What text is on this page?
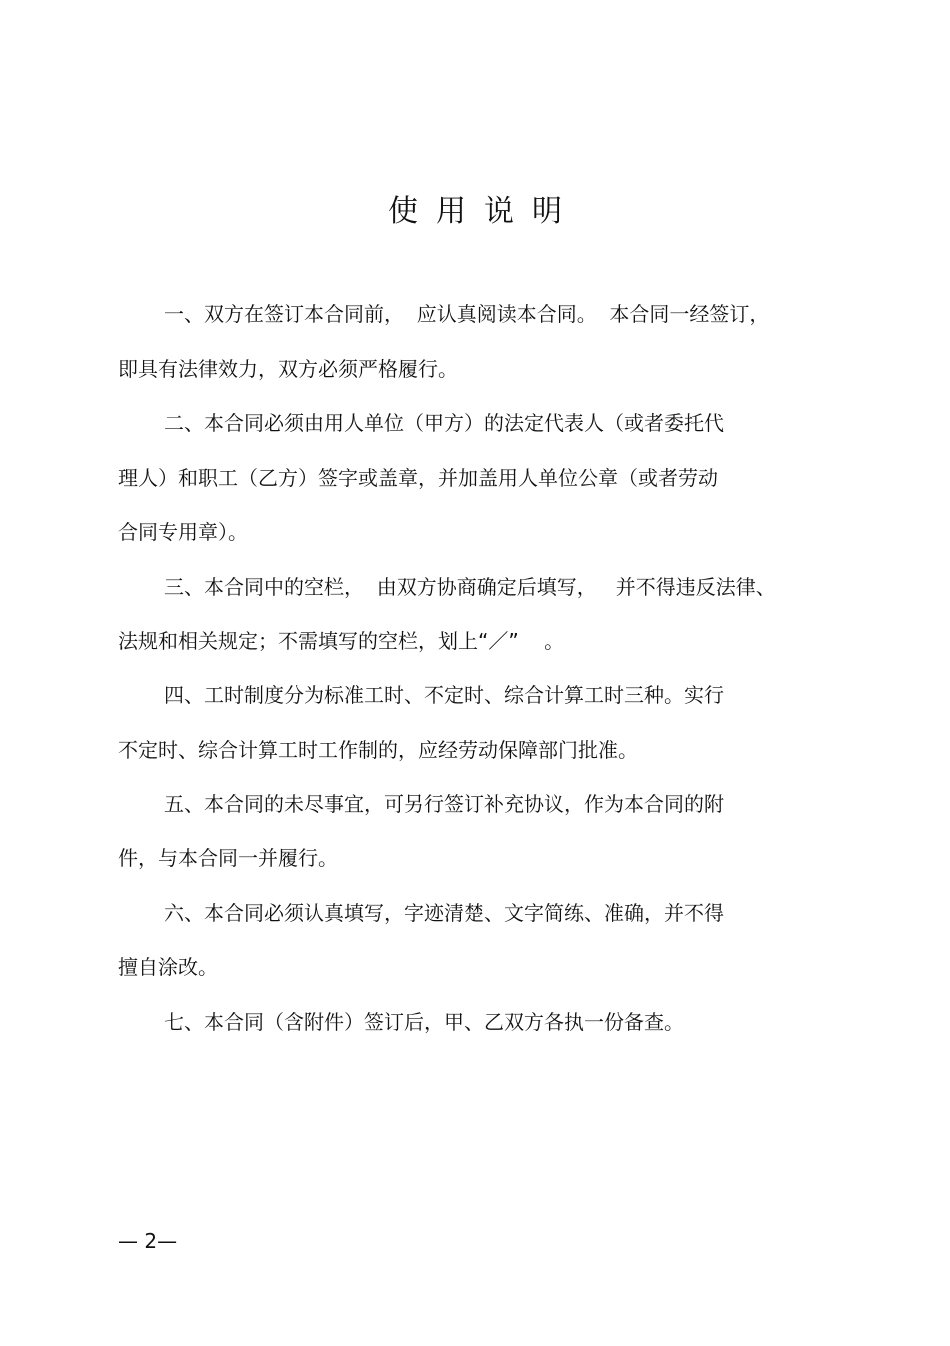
使用说明
一、双方在签订本合同前，  应认真阅读本合同。  本合同一经签订，
即具有法律效力，双方必须严格履行。
二、本合同必须由用人单位（甲方）的法定代表人（或者委托代
理人）和职工（乙方）签字或盖章，并加盖用人单位公章（或者劳动
合同专用章）。
三、本合同中的空栏，  由双方协商确定后填写，   并不得违反法律、
法规和相关规定；不需填写的空栏，划上“／”    。
四、工时制度分为标准工时、不定时、综合计算工时三种。实行
不定时、综合计算工时工作制的，应经劳动保障部门批准。
五、本合同的未尽事宜，可另行签订补充协议，作为本合同的附
件，与本合同一并履行。
六、本合同必须认真填写，字迹清楚、文字简练、准确，并不得
擅自涂改。
七、本合同（含附件）签订后，甲、乙双方各执一份备查。
— 2—
